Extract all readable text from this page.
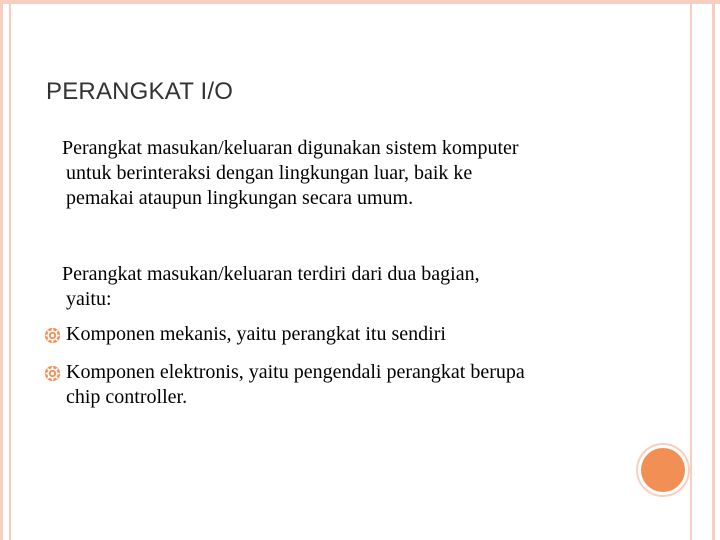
PERANGKAT I/O
Perangkat masukan/keluaran digunakan sistem komputer
untuk berinteraksi dengan lingkungan luar, baik ke
pemakai ataupun lingkungan secara umum.
Perangkat masukan/keluaran terdiri dari dua bagian,
yaitu:
Komponen mekanis, yaitu perangkat itu sendiri
Komponen elektronis, yaitu pengendali perangkat berupa
chip controller.
